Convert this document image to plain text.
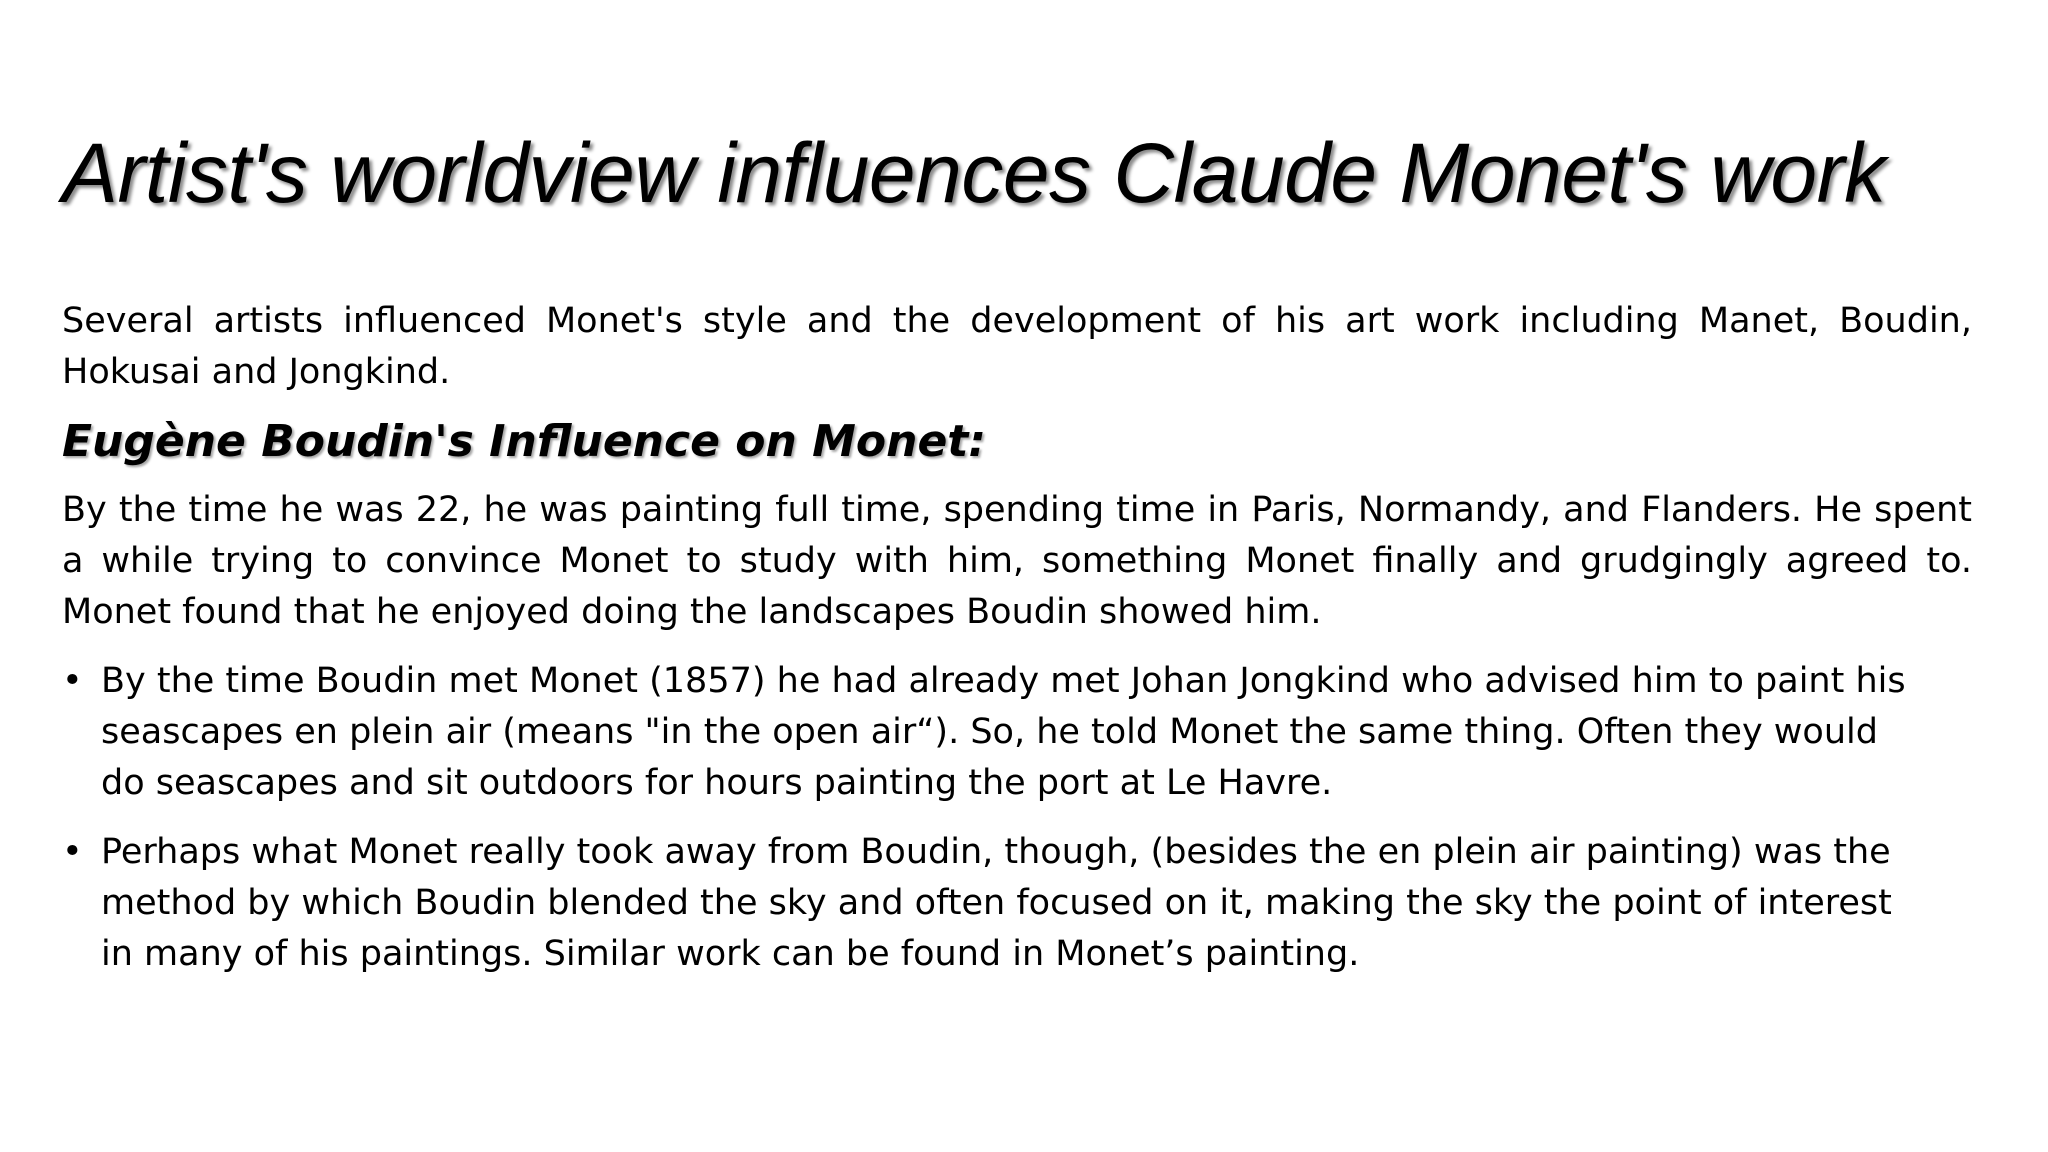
Artist's worldview influences Claude Monet's work

Several artists influenced Monet's style and the development of his art work including Manet, Boudin, Hokusai and Jongkind.

Eugène Boudin's Influence on Monet:

By the time he was 22, he was painting full time, spending time in Paris, Normandy, and Flanders. He spent a while trying to convince Monet to study with him, something Monet finally and grudgingly agreed to. Monet found that he enjoyed doing the landscapes Boudin showed him.

• By the time Boudin met Monet (1857) he had already met Johan Jongkind who advised him to paint his seascapes en plein air (means "in the open air“). So, he told Monet the same thing. Often they would do seascapes and sit outdoors for hours painting the port at Le Havre.
• Perhaps what Monet really took away from Boudin, though, (besides the en plein air painting) was the method by which Boudin blended the sky and often focused on it, making the sky the point of interest in many of his paintings. Similar work can be found in Monet’s painting.
